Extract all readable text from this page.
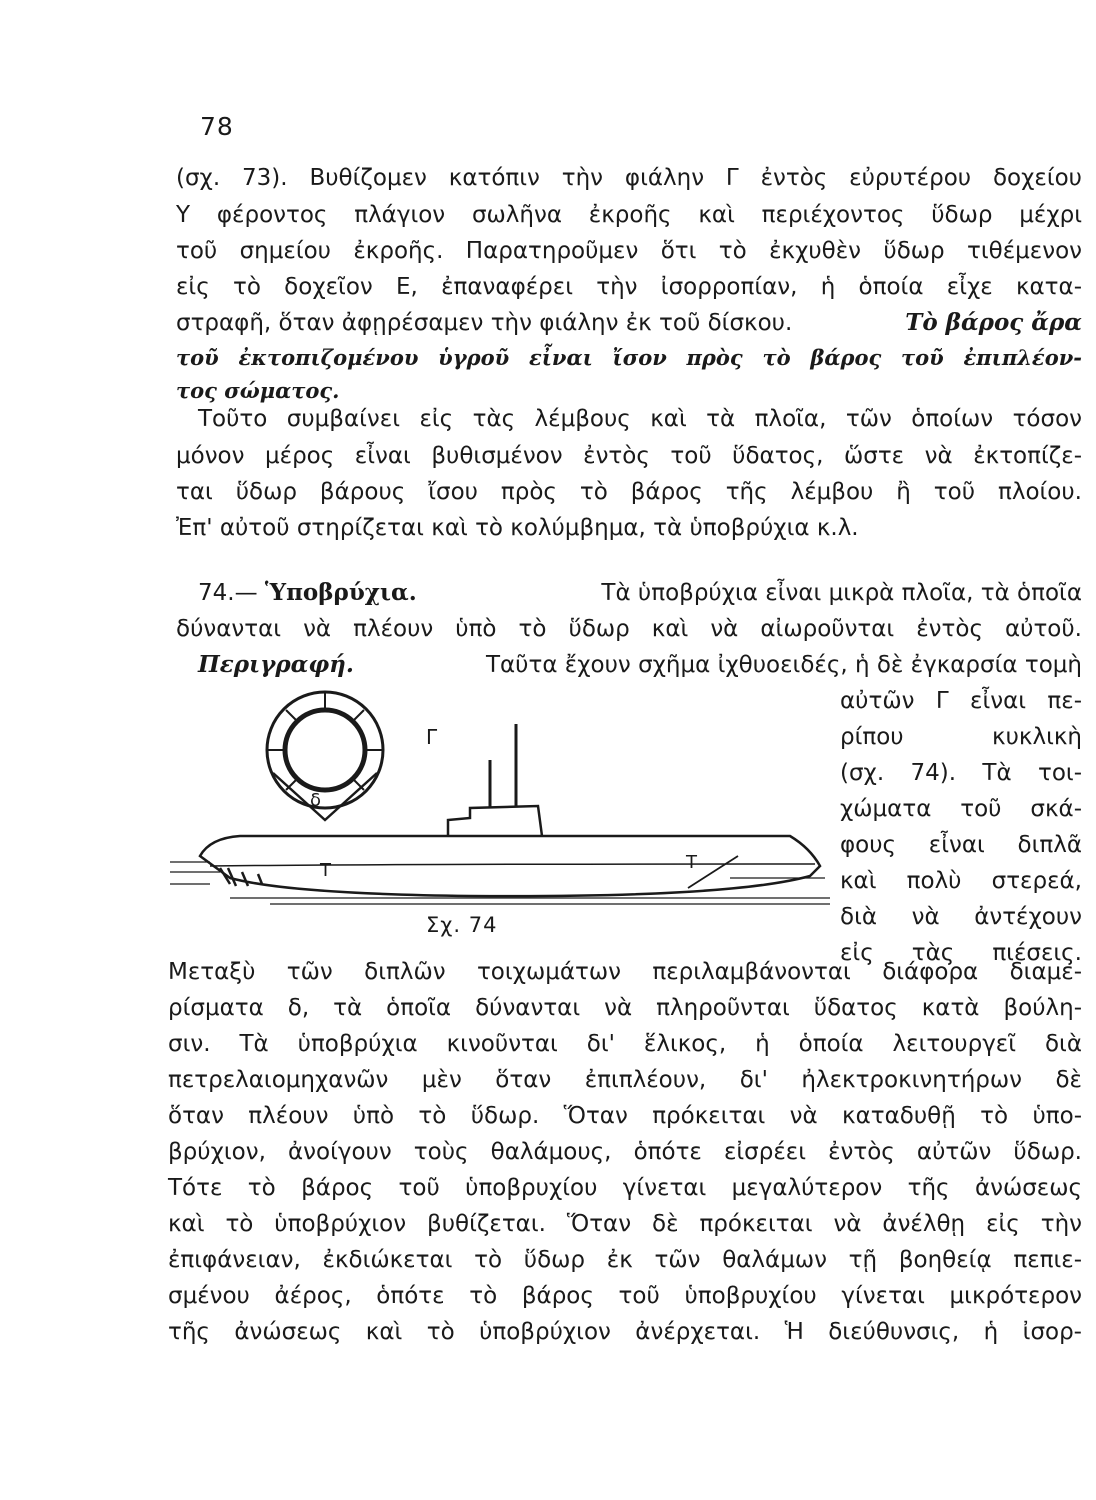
78
(σχ. 73). Βυθίζομεν κατόπιν τὴν φιάλην Γ ἐντὸς εὐρυτέρου δοχείου
Υ φέροντος πλάγιον σωλῆνα ἐκροῆς καὶ περιέχοντος ὕδωρ μέχρι
τοῦ σημείου ἐκροῆς. Παρατηροῦμεν ὅτι τὸ ἐκχυθὲν ὕδωρ τιθέμενον
εἰς τὸ δοχεῖον Ε, ἐπαναφέρει τὴν ἰσορροπίαν, ἡ ὁποία εἶχε κατα-
στραφῆ, ὅταν ἀφῃρέσαμεν τὴν φιάλην ἐκ τοῦ δίσκου.	Τὸ βάρος ἄρα
τοῦ ἐκτοπιζομένου ὑγροῦ εἶναι ἴσον πρὸς τὸ βάρος τοῦ ἐπιπλέον-
τος σώματος.
Τοῦτο συμβαίνει εἰς τὰς λέμβους καὶ τὰ πλοῖα, τῶν ὁποίων τόσον
μόνον μέρος εἶναι βυθισμένον ἐντὸς τοῦ ὕδατος, ὥστε νὰ ἐκτοπίζε-
ται ὕδωρ βάρους ἴσου πρὸς τὸ βάρος τῆς λέμβου ἢ τοῦ πλοίου.
Ἐπ' αὐτοῦ στηρίζεται καὶ τὸ κολύμβημα, τὰ ὑποβρύχια κ.λ.
74.— Ὑποβρύχια.	Τὰ ὑποβρύχια εἶναι μικρὰ πλοῖα, τὰ ὁποῖα
δύνανται νὰ πλέουν ὑπὸ τὸ ὕδωρ καὶ νὰ αἰωροῦνται ἐντὸς αὐτοῦ.
Περιγραφή.	Ταῦτα ἔχουν σχῆμα ἰχθυοειδές, ἡ δὲ ἐγκαρσία τομὴ
αὐτῶν Γ εἶναι πε-
ρίπου κυκλικὴ
(σχ. 74). Τὰ τοι-
χώματα τοῦ σκά-
φους εἶναι διπλᾶ
καὶ πολὺ στερεά,
διὰ νὰ ἀντέχουν
εἰς τὰς πιέσεις.
Γ
δ
Τ	Τ
Σχ. 74
Μεταξὺ τῶν διπλῶν τοιχωμάτων περιλαμβάνονται διάφορα διαμε-
ρίσματα δ, τὰ ὁποῖα δύνανται νὰ πληροῦνται ὕδατος κατὰ βούλη-
σιν. Τὰ ὑποβρύχια κινοῦνται δι' ἕλικος, ἡ ὁποία λειτουργεῖ διὰ
πετρελαιομηχανῶν μὲν ὅταν ἐπιπλέουν, δι' ἠλεκτροκινητήρων δὲ
ὅταν πλέουν ὑπὸ τὸ ὕδωρ. Ὅταν πρόκειται νὰ καταδυθῇ τὸ ὑπο-
βρύχιον, ἀνοίγουν τοὺς θαλάμους, ὁπότε εἰσρέει ἐντὸς αὐτῶν ὕδωρ.
Τότε τὸ βάρος τοῦ ὑποβρυχίου γίνεται μεγαλύτερον τῆς ἀνώσεως
καὶ τὸ ὑποβρύχιον βυθίζεται. Ὅταν δὲ πρόκειται νὰ ἀνέλθῃ εἰς τὴν
ἐπιφάνειαν, ἐκδιώκεται τὸ ὕδωρ ἐκ τῶν θαλάμων τῇ βοηθείᾳ πεπιε-
σμένου ἀέρος, ὁπότε τὸ βάρος τοῦ ὑποβρυχίου γίνεται μικρότερον
τῆς ἀνώσεως καὶ τὸ ὑποβρύχιον ἀνέρχεται. Ἡ διεύθυνσις, ἡ ἰσορ-
